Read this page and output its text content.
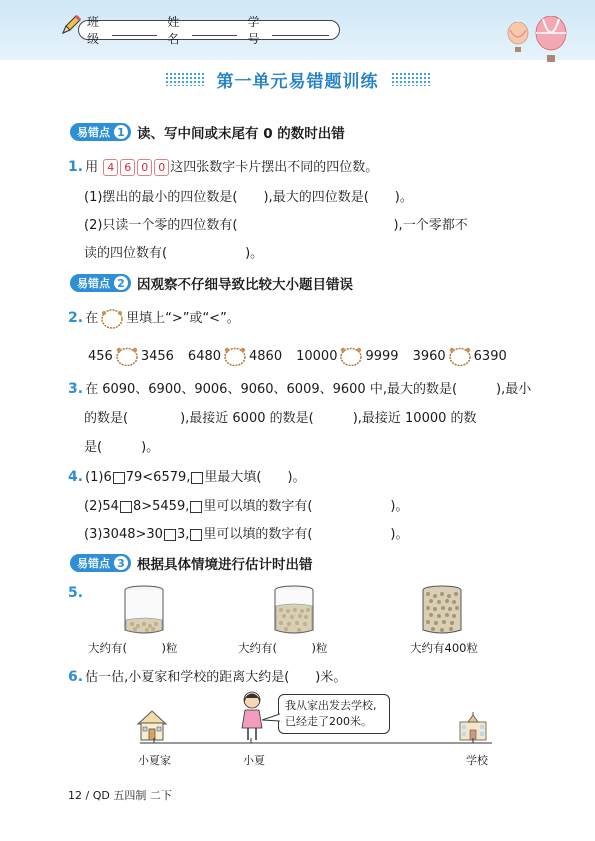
班级
姓名
学号
第一单元易错题训练
易错点 1 读、写中间或末尾有 0 的数时出错
1. 用 4 6 0 0 这四张数字卡片摆出不同的四位数。
(1)摆出的最小的四位数是(　　),最大的四位数是(　　)。
(2)只读一个零的四位数有(　　　　　　　　　　　　),一个零都不
读的四位数有(　　　　　　)。
易错点 2 因观察不仔细导致比较大小题目错误
2. 在 里填上“>”或“<”。
456 3456 6480 4860 10000 9999 3960 6390
3. 在 6090、6900、9006、9060、6009、9600 中,最大的数是(　　　),最小
的数是(　　　　),最接近 6000 的数是(　　　),最接近 10000 的数
是(　　　)。
4. (1)6 79<6579, 里最大填(　　)。
(2)54 8>5459, 里可以填的数字有(　　　　　　)。
(3)3048>30 3, 里可以填的数字有(　　　　　　)。
易错点 3 根据具体情境进行估计时出错
5.
大约有(　　　)粒	大约有(　　　)粒	大约有400粒
6. 估一估,小夏家和学校的距离大约是(　　)米。
我从家出发去学校,
已经走了200米。
小夏家	小夏	学校
12 / QD 五四制 二下
